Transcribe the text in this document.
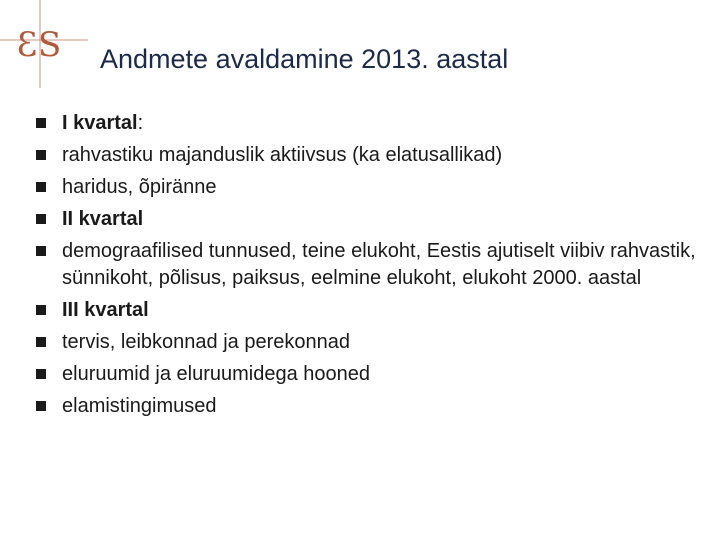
3 S Andmete avaldamine 2013. aastal
I kvartal:
rahvastiku majanduslik aktiivsus (ka elatusallikad)
haridus, õpiränne
II kvartal
demograafilised tunnused, teine elukoht, Eestis ajutiselt viibiv rahvastik, sünnikoht, põlisus, paiksus, eelmine elukoht, elukoht 2000. aastal
III kvartal
tervis, leibkonnad ja perekonnad
eluruumid ja eluruumidega hooned
elamistingimused
